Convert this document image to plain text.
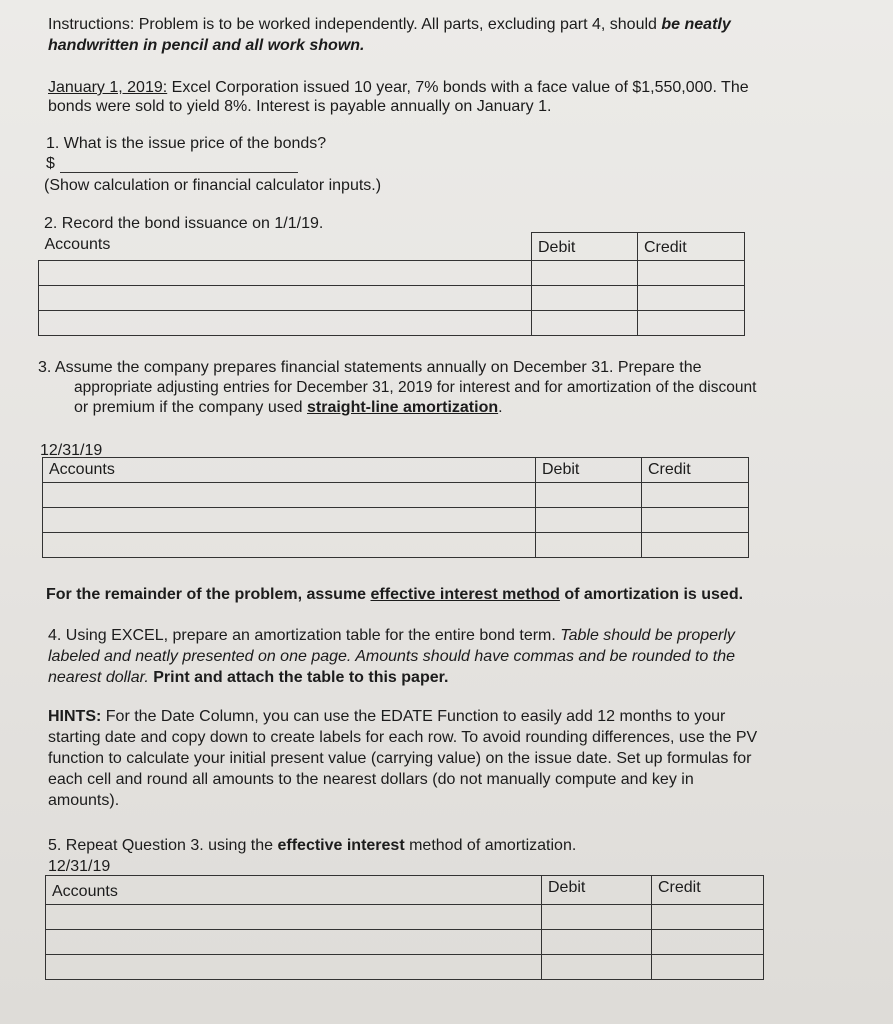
Instructions: Problem is to be worked independently. All parts, excluding part 4, should be neatly

handwritten in pencil and all work shown.

January 1, 2019: Excel Corporation issued 10 year, 7% bonds with a face value of $1,550,000. The

bonds were sold to yield 8%. Interest is payable annually on January 1.

1. What is the issue price of the bonds?

$

(Show calculation or financial calculator inputs.)

2. Record the bond issuance on 1/1/19.

Accounts	Debit	Credit

3. Assume the company prepares financial statements annually on December 31. Prepare the

appropriate adjusting entries for December 31, 2019 for interest and for amortization of the discount

or premium if the company used straight-line amortization.

12/31/19

Accounts	Debit	Credit

For the remainder of the problem, assume effective interest method of amortization is used.

4. Using EXCEL, prepare an amortization table for the entire bond term. Table should be properly

labeled and neatly presented on one page. Amounts should have commas and be rounded to the

nearest dollar. Print and attach the table to this paper.

HINTS: For the Date Column, you can use the EDATE Function to easily add 12 months to your

starting date and copy down to create labels for each row. To avoid rounding differences, use the PV

function to calculate your initial present value (carrying value) on the issue date. Set up formulas for

each cell and round all amounts to the nearest dollars (do not manually compute and key in

amounts).

5. Repeat Question 3. using the effective interest method of amortization.

12/31/19

Accounts	Debit	Credit
